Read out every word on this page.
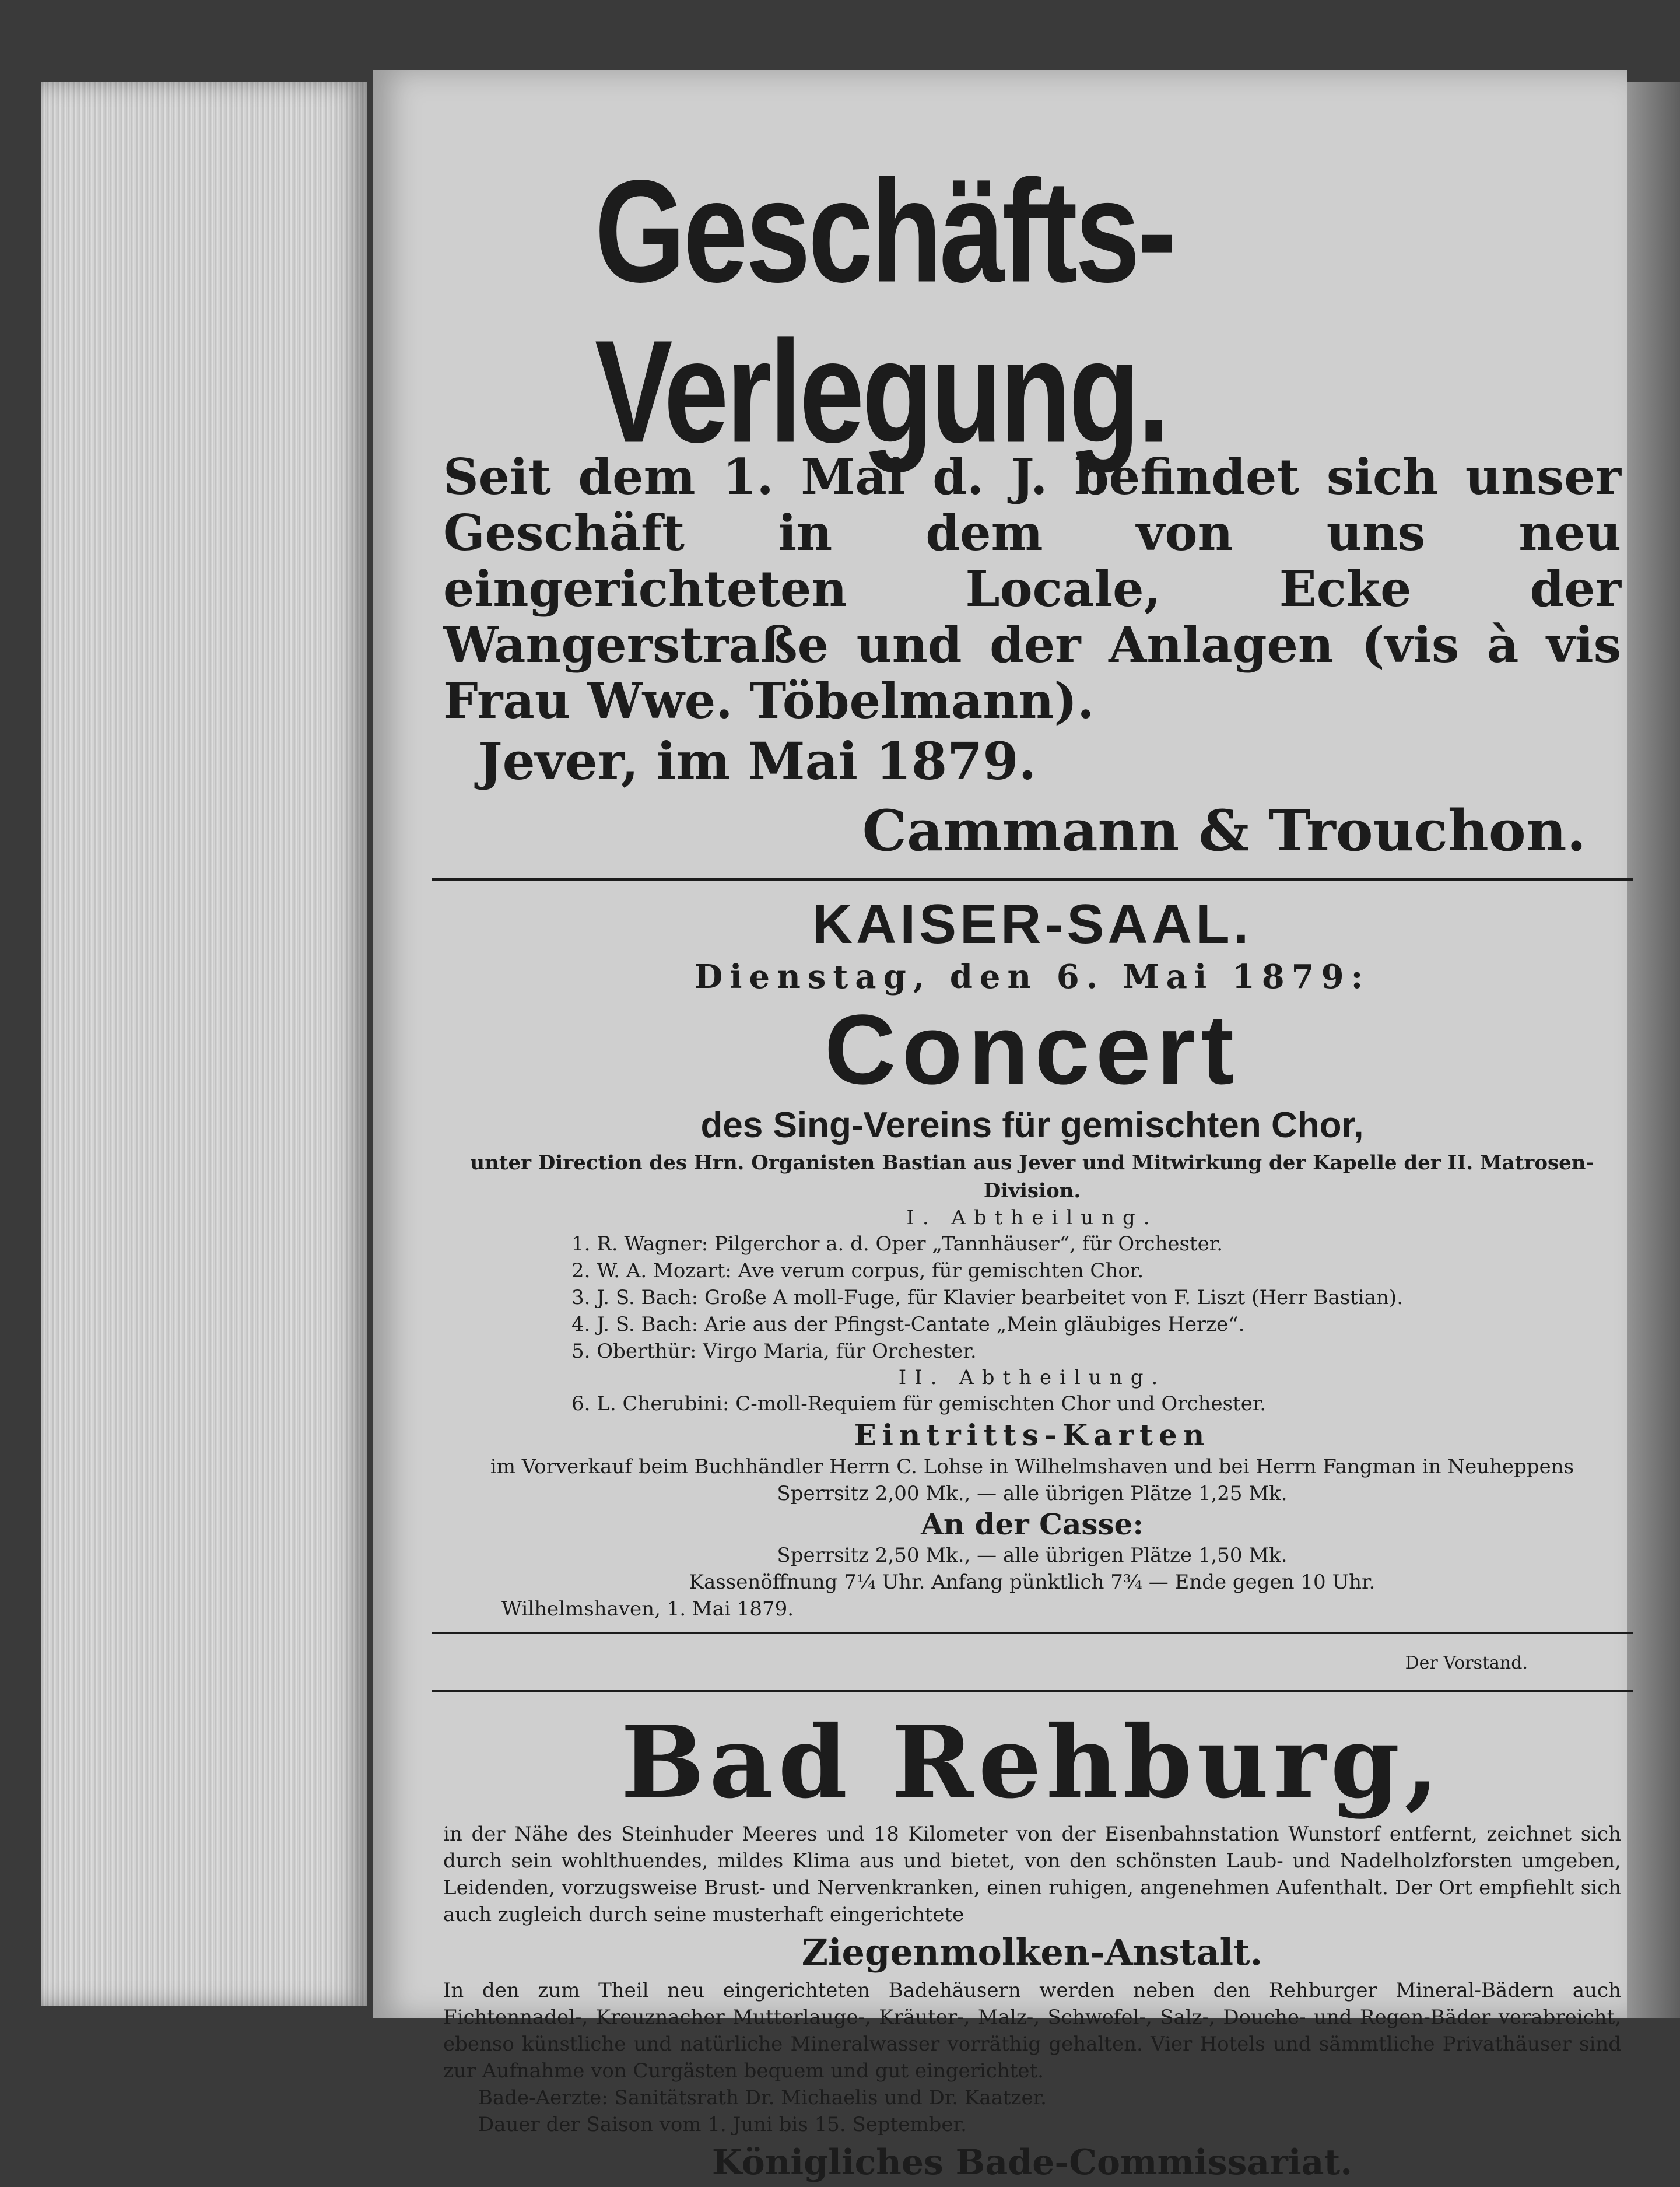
Geschäfts-Verlegung.
Seit dem 1. Mai d. J. befindet sich unser Geschäft in dem von uns neu eingerichteten Locale, Ecke der Wangerstraße und der Anlagen (vis à vis Frau Wwe. Töbelmann).
Jever, im Mai 1879.
Cammann & Trouchon.
KAISER-SAAL.
Dienstag, den 6. Mai 1879:
Concert
des Sing-Vereins für gemischten Chor,
unter Direction des Hrn. Organisten Bastian aus Jever und Mitwirkung der Kapelle der II. Matrosen-Division.
I. Abtheilung.
1. R. Wagner: Pilgerchor a. d. Oper „Tannhäuser“, für Orchester.
2. W. A. Mozart: Ave verum corpus, für gemischten Chor.
3. J. S. Bach: Große A moll-Fuge, für Klavier bearbeitet von F. Liszt (Herr Bastian).
4. J. S. Bach: Arie aus der Pfingst-Cantate „Mein gläubiges Herze“.
5. Oberthür: Virgo Maria, für Orchester.
II. Abtheilung.
6. L. Cherubini: C-moll-Requiem für gemischten Chor und Orchester.
Eintritts-Karten
im Vorverkauf beim Buchhändler Herrn C. Lohse in Wilhelmshaven und bei Herrn Fangman in Neuheppens
Sperrsitz 2,00 Mk., — alle übrigen Plätze 1,25 Mk.
An der Casse:
Sperrsitz 2,50 Mk., — alle übrigen Plätze 1,50 Mk.
Kassenöffnung 7¼ Uhr. Anfang pünktlich 7¾ — Ende gegen 10 Uhr.
Wilhelmshaven, 1. Mai 1879.
Der Vorstand.
Bad Rehburg,
in der Nähe des Steinhuder Meeres und 18 Kilometer von der Eisenbahnstation Wunstorf entfernt, zeichnet sich durch sein wohlthuendes, mildes Klima aus und bietet, von den schönsten Laub- und Nadelholzforsten umgeben, Leidenden, vorzugsweise Brust- und Nervenkranken, einen ruhigen, angenehmen Aufenthalt. Der Ort empfiehlt sich auch zugleich durch seine musterhaft eingerichtete
Ziegenmolken-Anstalt.
In den zum Theil neu eingerichteten Badehäusern werden neben den Rehburger Mineral-Bädern auch Fichtennadel-, Kreuznacher Mutterlauge-, Kräuter-, Malz-, Schwefel-, Salz-, Douche- und Regen-Bäder verabreicht, ebenso künstliche und natürliche Mineralwasser vorräthig gehalten. Vier Hotels und sämmtliche Privathäuser sind zur Aufnahme von Curgästen bequem und gut eingerichtet.
Bade-Aerzte: Sanitätsrath Dr. Michaelis und Dr. Kaatzer.
Dauer der Saison vom 1. Juni bis 15. September.
Königliches Bade-Commissariat.
